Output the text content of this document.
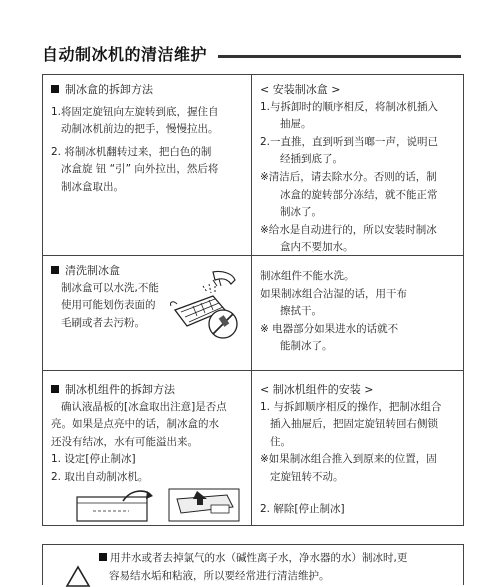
自动制冰机的清洁维护

制冰盒的拆卸方法

1.将固定旋钮向左旋转到底，握住自

动制冰机前边的把手，慢慢拉出。

2. 将制冰机翻转过来，把白色的制

冰盒旋 钮 “引” 向外拉出，然后将

制冰盒取出。

< 安装制冰盒 >

1.与拆卸时的顺序相反，将制冰机插入

抽屉。

2.一直推，直到听到当啷一声，说明已

经插到底了。

※清洁后，请去除水分。否则的话，制

冰盒的旋转部分冻结，就不能正常

制冰了。

※给水是自动进行的，所以安装时制冰

盒内不要加水。

清洗制冰盒

制冰盒可以水洗,不能

使用可能划伤表面的

毛刷或者去污粉。

制冰组件不能水洗。

如果制冰组合沾湿的话，用干布

擦拭干。

※ 电器部分如果进水的话就不

能制冰了。

制冰机组件的拆卸方法

确认液晶板的[冰盒取出注意]是否点

亮。如果是点亮中的话，制冰盒的水

还没有结冰，水有可能溢出来。

1. 设定[停止制冰]

2. 取出自动制冰机。

< 制冰机组件的安装 >

1. 与拆卸顺序相反的操作，把制冰组合

插入抽屉后，把固定旋钮转回右侧锁住。

※如果制冰组合推入到原来的位置，固

定旋钮转不动。

2. 解除[停止制冰]

用井水或者去掉氯气的水（碱性离子水，净水器的水）制冰时,更

容易结水垢和粘液，所以要经常进行清洁维护。
